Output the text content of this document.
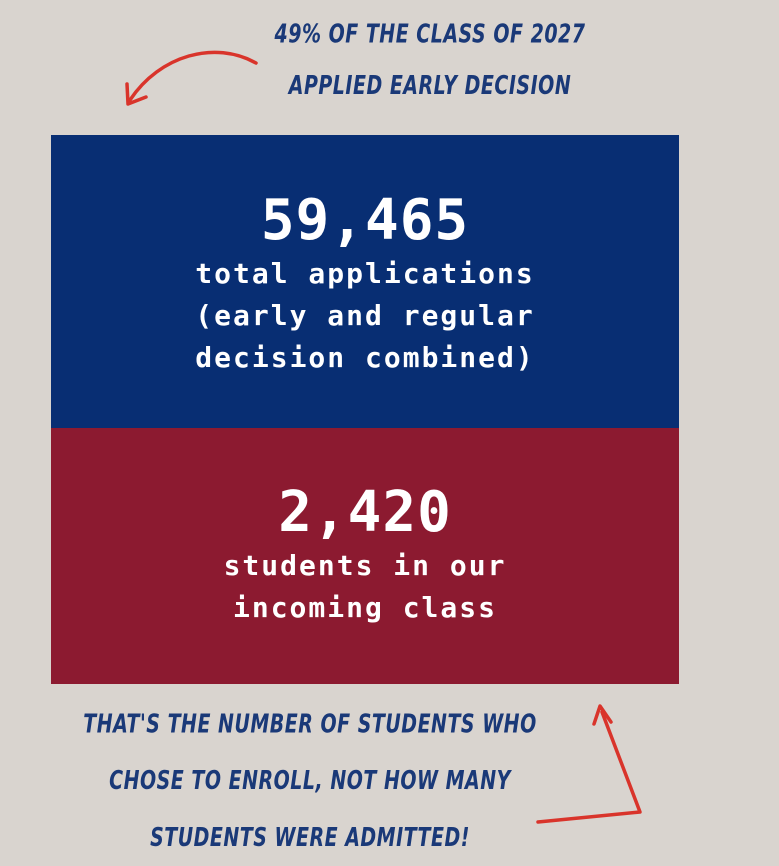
49% OF THE CLASS OF 2027
APPLIED EARLY DECISION
59,465
total applications
(early and regular
decision combined)
2,420
students in our
incoming class
THAT'S THE NUMBER OF STUDENTS WHO
CHOSE TO ENROLL, NOT HOW MANY
STUDENTS WERE ADMITTED!
